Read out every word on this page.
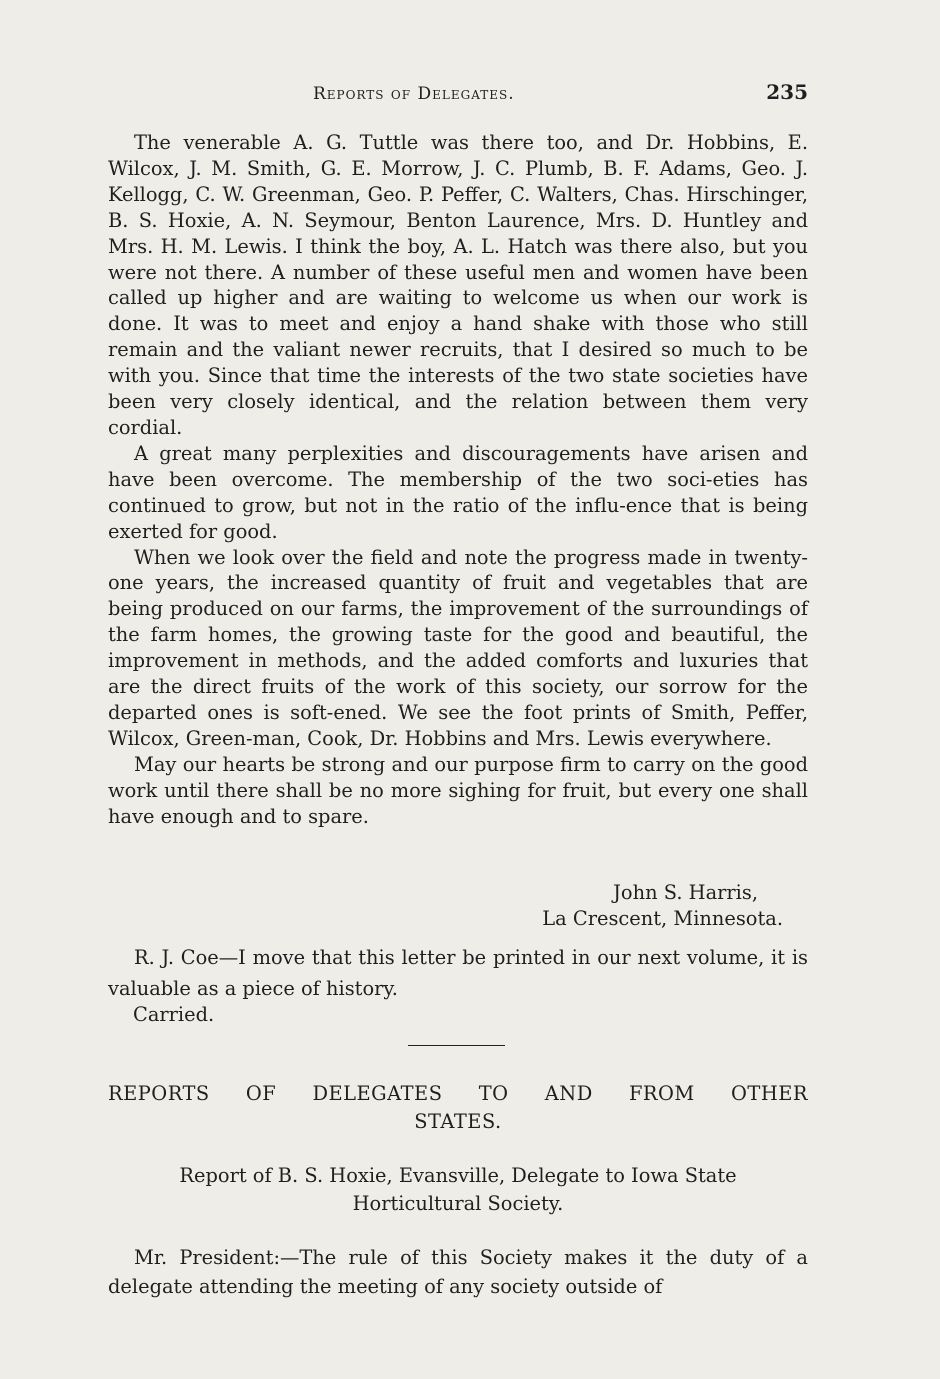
Reports of Delegates.	235

The venerable A. G. Tuttle was there too, and Dr. Hobbins, E. Wilcox, J. M. Smith, G. E. Morrow, J. C. Plumb, B. F. Adams, Geo. J. Kellogg, C. W. Greenman, Geo. P. Peffer, C. Walters, Chas. Hirschinger, B. S. Hoxie, A. N. Seymour, Benton Laurence, Mrs. D. Huntley and Mrs. H. M. Lewis. I think the boy, A. L. Hatch was there also, but you were not there. A number of these useful men and women have been called up higher and are waiting to welcome us when our work is done. It was to meet and enjoy a hand shake with those who still remain and the valiant newer recruits, that I desired so much to be with you. Since that time the interests of the two state societies have been very closely identical, and the relation between them very cordial.

A great many perplexities and discouragements have arisen and have been overcome. The membership of the two soci-eties has continued to grow, but not in the ratio of the influ-ence that is being exerted for good.

When we look over the field and note the progress made in twenty-one years, the increased quantity of fruit and vegetables that are being produced on our farms, the improvement of the surroundings of the farm homes, the growing taste for the good and beautiful, the improvement in methods, and the added comforts and luxuries that are the direct fruits of the work of this society, our sorrow for the departed ones is soft-ened. We see the foot prints of Smith, Peffer, Wilcox, Green-man, Cook, Dr. Hobbins and Mrs. Lewis everywhere.

May our hearts be strong and our purpose firm to carry on the good work until there shall be no more sighing for fruit, but every one shall have enough and to spare.

John S. Harris,
La Crescent, Minnesota.

R. J. Coe—I move that this letter be printed in our next volume, it is valuable as a piece of history.

Carried.
REPORTS OF DELEGATES TO AND FROM OTHER
STATES.
Report of B. S. Hoxie, Evansville, Delegate to Iowa State
Horticultural Society.

Mr. President:—The rule of this Society makes it the duty of a delegate attending the meeting of any society outside of
